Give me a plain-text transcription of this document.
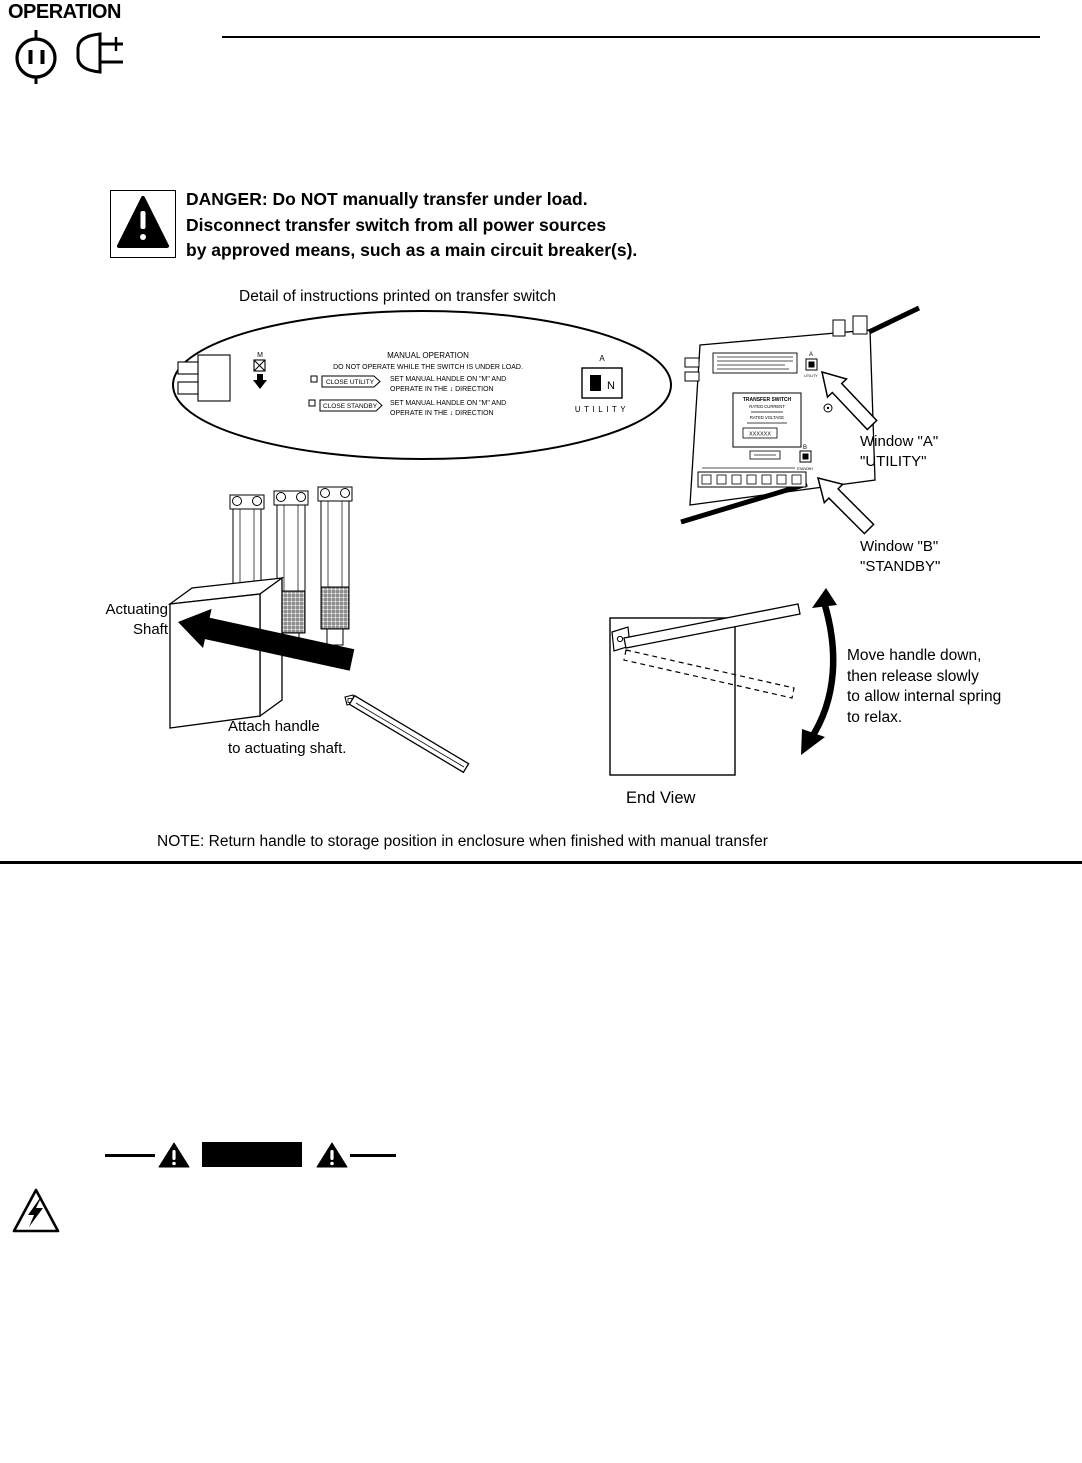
OPERATION
DANGER: Do NOT manually transfer under load.
Disconnect transfer switch from all power sources
by approved means, such as a main circuit breaker(s).
Detail of instructions printed on transfer switch
M	MANUAL OPERATION
DO NOT OPERATE WHILE THE SWITCH IS UNDER LOAD.
CLOSE UTILITY SET MANUAL HANDLE ON "M" AND
OPERATE IN THE ↓ DIRECTION
CLOSE STANDBY SET MANUAL HANDLE ON "M" AND
OPERATE IN THE ↓ DIRECTION
A
N
UTILITY
A
UTILITY
TRANSFER SWITCH
RATED CURRENT
RATED VOLTAGE
XXXXXX
B
STANDBY
Window "A"
"UTILITY"
Window "B"
"STANDBY"
Actuating
Shaft
Attach handle
to actuating shaft.
Move handle down,
then release slowly
to allow internal spring
to relax.
End View
NOTE: Return handle to storage position in enclosure when finished with manual transfer
